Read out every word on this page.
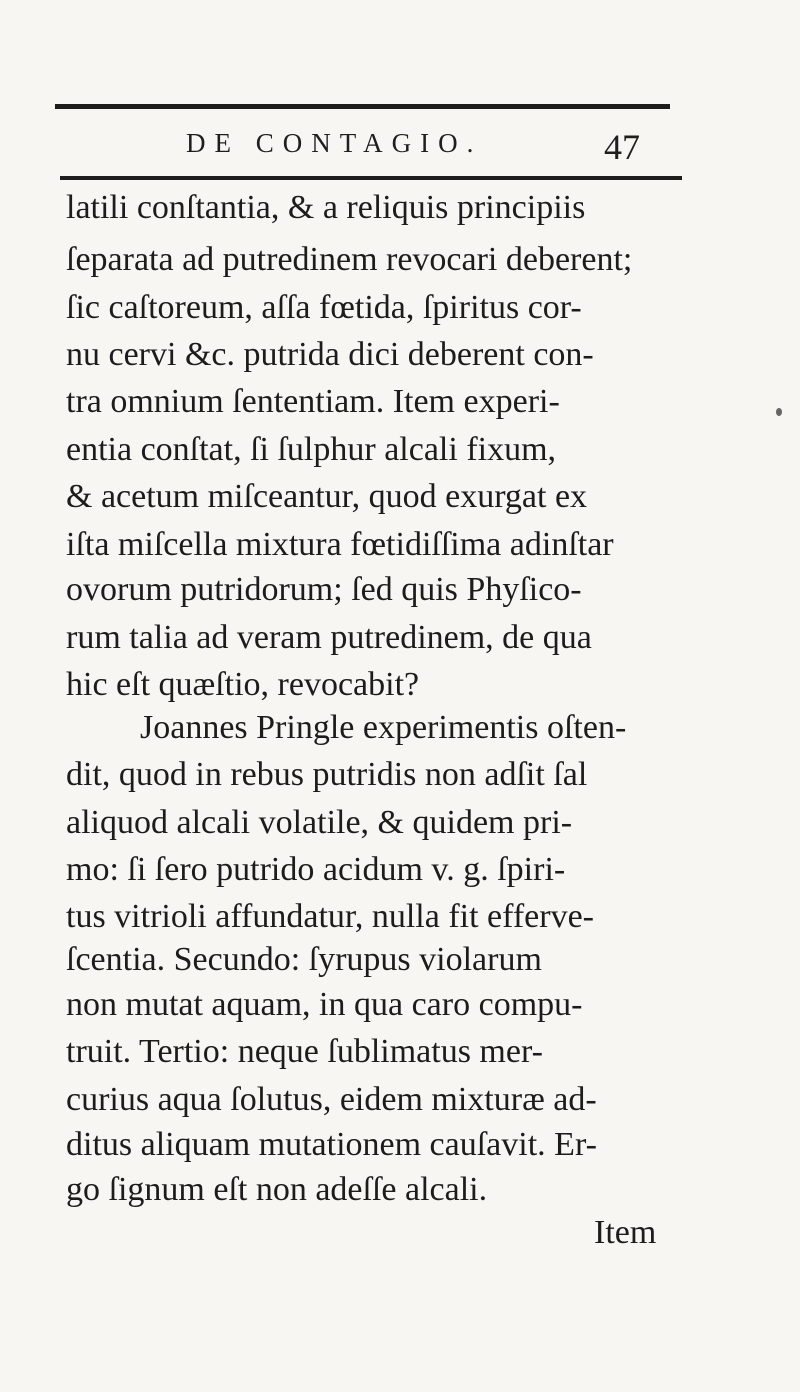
DE CONTAGIO.	47
latili conſtantia, & a reliquis principiis
ſeparata ad putredinem revocari deberent;
ſic caſtoreum, aſſa fœtida, ſpiritus cor-
nu cervi &c. putrida dici deberent con-
tra omnium ſententiam. Item experi-
entia conſtat, ſi ſulphur alcali fixum,
& acetum miſceantur, quod exurgat ex
iſta miſcella mixtura fœtidiſſima adinſtar
ovorum putridorum; ſed quis Phyſico-
rum talia ad veram putredinem, de qua
hic eſt quæſtio, revocabit?
Joannes Pringle experimentis oſten-
dit, quod in rebus putridis non adſit ſal
aliquod alcali volatile, & quidem pri-
mo: ſi ſero putrido acidum v. g. ſpiri-
tus vitrioli affundatur, nulla fit efferve-
ſcentia. Secundo: ſyrupus violarum
non mutat aquam, in qua caro compu-
truit. Tertio: neque ſublimatus mer-
curius aqua ſolutus, eidem mixturæ ad-
ditus aliquam mutationem cauſavit. Er-
go ſignum eſt non adeſſe alcali.
Item
